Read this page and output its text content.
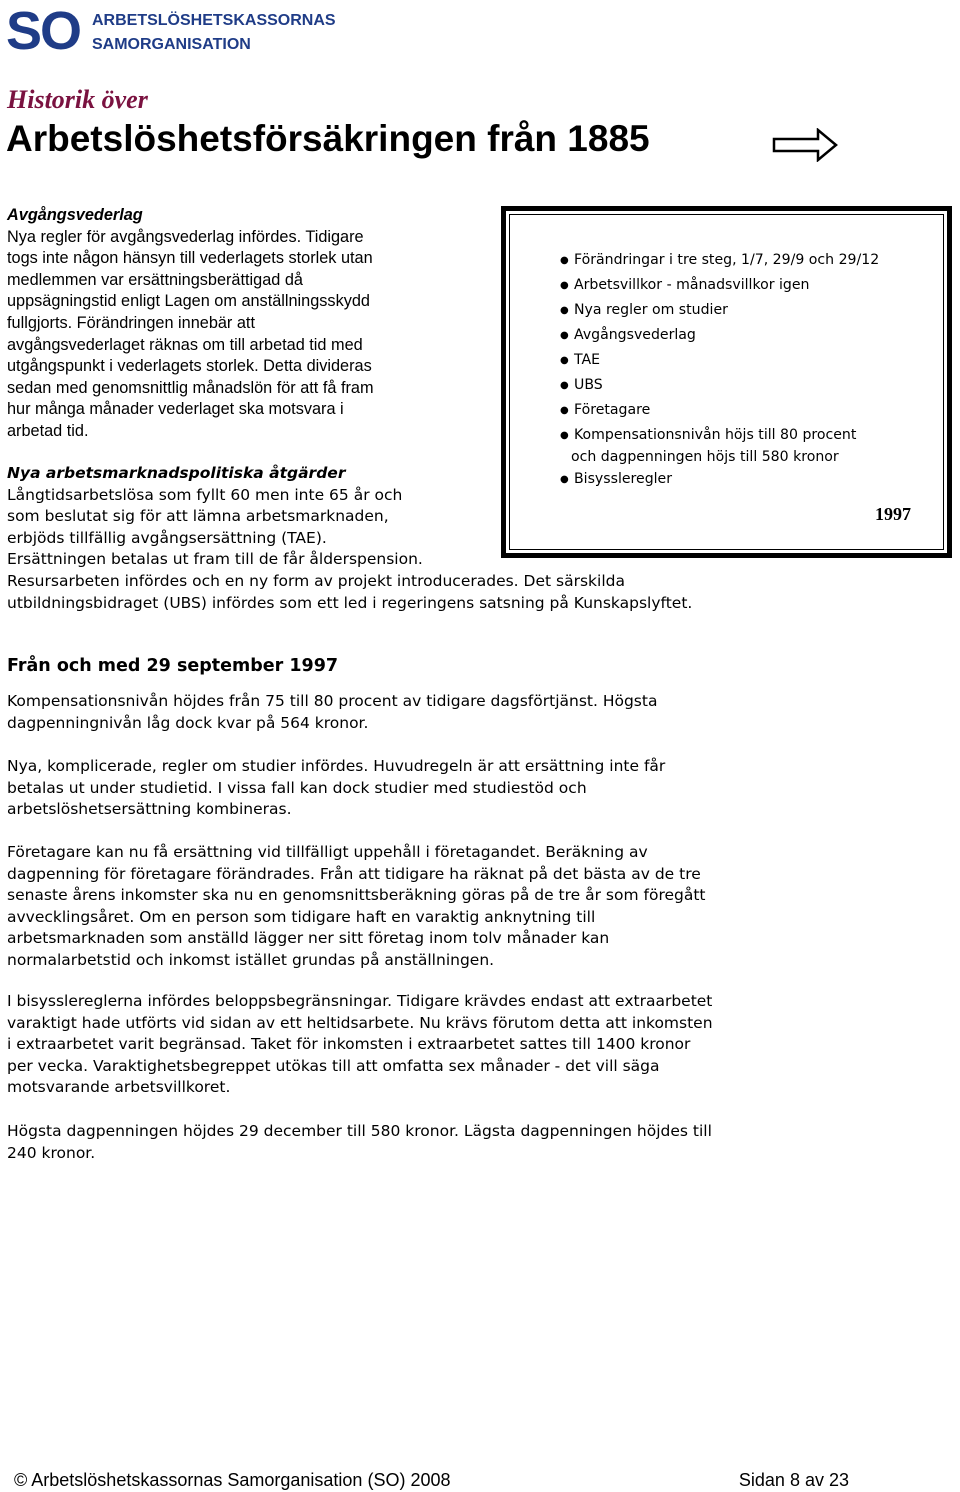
SO ARBETSLÖSHETSKASSORNAS
SAMORGANISATION
Historik över
Arbetslöshetsförsäkringen från 1885
Avgångsvederlag
Nya regler för avgångsvederlag infördes. Tidigare
togs inte någon hänsyn till vederlagets storlek utan
medlemmen var ersättningsberättigad då
uppsägningstid enligt Lagen om anställningsskydd
fullgjorts. Förändringen innebär att
avgångsvederlaget räknas om till arbetad tid med
utgångspunkt i vederlagets storlek. Detta divideras
sedan med genomsnittlig månadslön för att få fram
hur många månader vederlaget ska motsvara i
arbetad tid.
Nya arbetsmarknadspolitiska åtgärder
Långtidsarbetslösa som fyllt 60 men inte 65 år och
som beslutat sig för att lämna arbetsmarknaden,
erbjöds tillfällig avgångsersättning (TAE).
Ersättningen betalas ut fram till de får ålderspension.
Resursarbeten infördes och en ny form av projekt introducerades. Det särskilda
utbildningsbidraget (UBS) infördes som ett led i regeringens satsning på Kunskapslyftet.
● Förändringar i tre steg, 1/7, 29/9 och 29/12
● Arbetsvillkor - månadsvillkor igen
● Nya regler om studier
● Avgångsvederlag
● TAE
● UBS
● Företagare
● Kompensationsnivån höjs till 80 procent
och dagpenningen höjs till 580 kronor
● Bisyssleregler
1997
Från och med 29 september 1997
Kompensationsnivån höjdes från 75 till 80 procent av tidigare dagsförtjänst. Högsta
dagpenningnivån låg dock kvar på 564 kronor.
Nya, komplicerade, regler om studier infördes. Huvudregeln är att ersättning inte får
betalas ut under studietid. I vissa fall kan dock studier med studiestöd och
arbetslöshetsersättning kombineras.
Företagare kan nu få ersättning vid tillfälligt uppehåll i företagandet. Beräkning av
dagpenning för företagare förändrades. Från att tidigare ha räknat på det bästa av de tre
senaste årens inkomster ska nu en genomsnittsberäkning göras på de tre år som föregått
avvecklingsåret. Om en person som tidigare haft en varaktig anknytning till
arbetsmarknaden som anställd lägger ner sitt företag inom tolv månader kan
normalarbetstid och inkomst istället grundas på anställningen.
I bisysslereglerna infördes beloppsbegränsningar. Tidigare krävdes endast att extraarbetet
varaktigt hade utförts vid sidan av ett heltidsarbete. Nu krävs förutom detta att inkomsten
i extraarbetet varit begränsad. Taket för inkomsten i extraarbetet sattes till 1400 kronor
per vecka. Varaktighetsbegreppet utökas till att omfatta sex månader - det vill säga
motsvarande arbetsvillkoret.
Högsta dagpenningen höjdes 29 december till 580 kronor. Lägsta dagpenningen höjdes till
240 kronor.
© Arbetslöshetskassornas Samorganisation (SO) 2008	Sidan 8 av 23
